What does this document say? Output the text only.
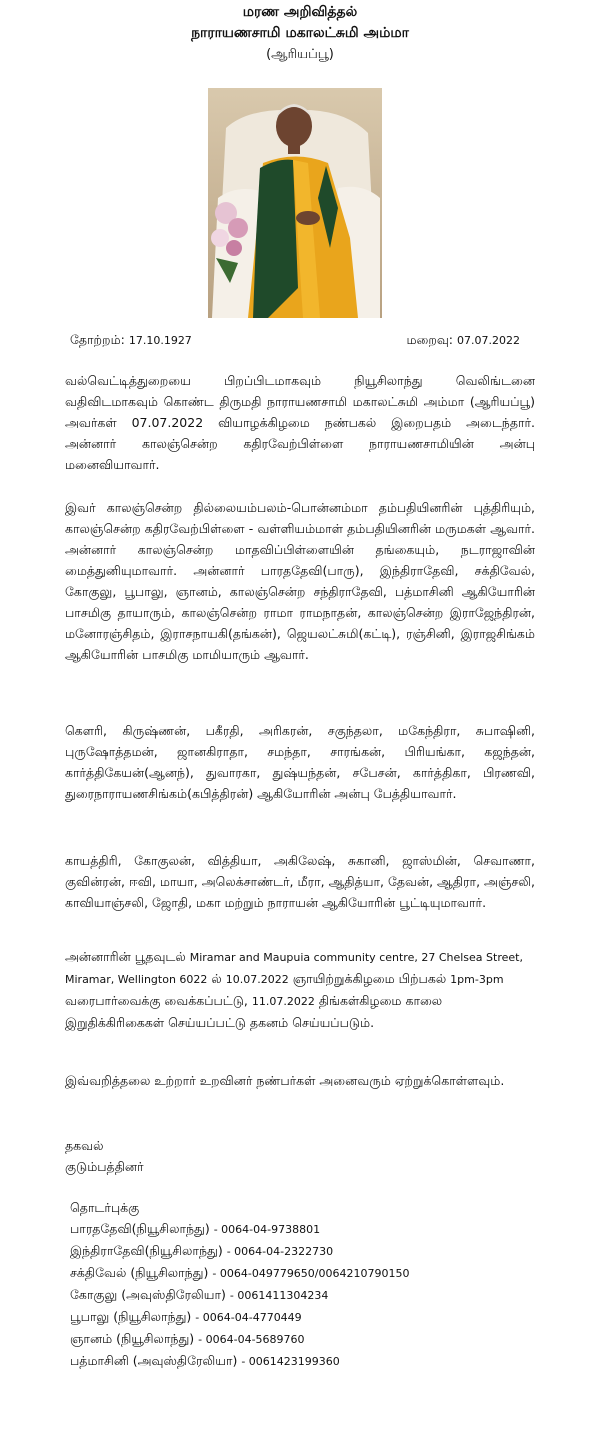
மரண அறிவித்தல்
நாராயணசாமி மகாலட்சுமி அம்மா
(ஆரியப்பூ)
தோற்றம்: 17.10.1927	மறைவு: 07.07.2022
வல்வெட்டித்துறையை பிறப்பிடமாகவும் நியூசிலாந்து வெலிங்டனை வதிவிடமாகவும் கொண்ட திருமதி நாராயணசாமி மகாலட்சுமி அம்மா (ஆரியப்பூ) அவர்கள் 07.07.2022 வியாழக்கிழமை நண்பகல் இறைபதம் அடைந்தார். அன்னார் காலஞ்சென்ற கதிரவேற்பிள்ளை நாராயணசாமியின் அன்பு மனைவியாவார்.
இவர் காலஞ்சென்ற தில்லையம்பலம்-பொன்னம்மா தம்பதியினரின் புத்திரியும், காலஞ்சென்ற கதிரவேற்பிள்ளை - வள்ளியம்மாள் தம்பதியினரின் மருமகள் ஆவார். அன்னார் காலஞ்சென்ற மாதவிப்பிள்ளையின் தங்கையும், நடராஜாவின் மைத்துனியுமாவார். அன்னார் பாரததேவி(பாரு), இந்திராதேவி, சக்திவேல், கோகுலு, பூபாலு, ஞானம், காலஞ்சென்ற சந்திராதேவி, பத்மாசினி ஆகியோரின் பாசமிகு தாயாரும், காலஞ்சென்ற ராமா ராமநாதன், காலஞ்சென்ற இராஜேந்திரன், மனோரஞ்சிதம், இராசநாயகி(தங்கன்), ஜெயலட்சுமி(கட்டி), ரஞ்சினி, இராஜசிங்கம் ஆகியோரின் பாசமிகு மாமியாரும் ஆவார்.
கௌரி, கிருஷ்ணன், பகீரதி, அரிகரன், சகுந்தலா, மகேந்திரா, சுபாஷினி, புருஷோத்தமன், ஜானகிராதா, சமந்தா, சாரங்கன், பிரியங்கா, கஜந்தன், கார்த்திகேயன்(ஆனந்), துவாரகா, துஷ்யந்தன், சபேசன், கார்த்திகா, பிரணவி, துரைநாராயணசிங்கம்(கபித்திரன்) ஆகியோரின் அன்பு பேத்தியாவார்.
காயத்திரி, கோகுலன், வித்தியா, அகிலேஷ், சுகானி, ஜாஸ்மின், செவாணா, குவின்ரன், ஈவி, மாயா, அலெக்சாண்டர், மீரா, ஆதித்யா, தேவன், ஆதிரா, அஞ்சலி, காவியாஞ்சலி, ஜோதி, மகா மற்றும் நாராயன் ஆகியோரின் பூட்டியுமாவார்.
அன்னாரின் பூதவுடல் Miramar and Maupuia community centre, 27 Chelsea Street, Miramar, Wellington 6022 ல் 10.07.2022 ஞாயிற்றுக்கிழமை பிற்பகல் 1pm-3pm வரைபார்வைக்கு வைக்கப்பட்டு, 11.07.2022 திங்கள்கிழமை காலை இறுதிக்கிரிகைகள் செய்யப்பட்டு தகனம் செய்யப்படும்.
இவ்வறித்தலை உற்றார் உறவினர் நண்பர்கள் அனைவரும் ஏற்றுக்கொள்ளவும்.
தகவல்
குடும்பத்தினர்
தொடர்புக்கு
பாரததேவி(நியூசிலாந்து) - 0064-04-9738801
இந்திராதேவி(நியூசிலாந்து) - 0064-04-2322730
சக்திவேல் (நியூசிலாந்து) - 0064-049779650/0064210790150
கோகுலு (அவுஸ்திரேலியா) - 0061411304234
பூபாலு (நியூசிலாந்து) - 0064-04-4770449
ஞானம் (நியூசிலாந்து) - 0064-04-5689760
பத்மாசினி (அவுஸ்திரேலியா) - 0061423199360
